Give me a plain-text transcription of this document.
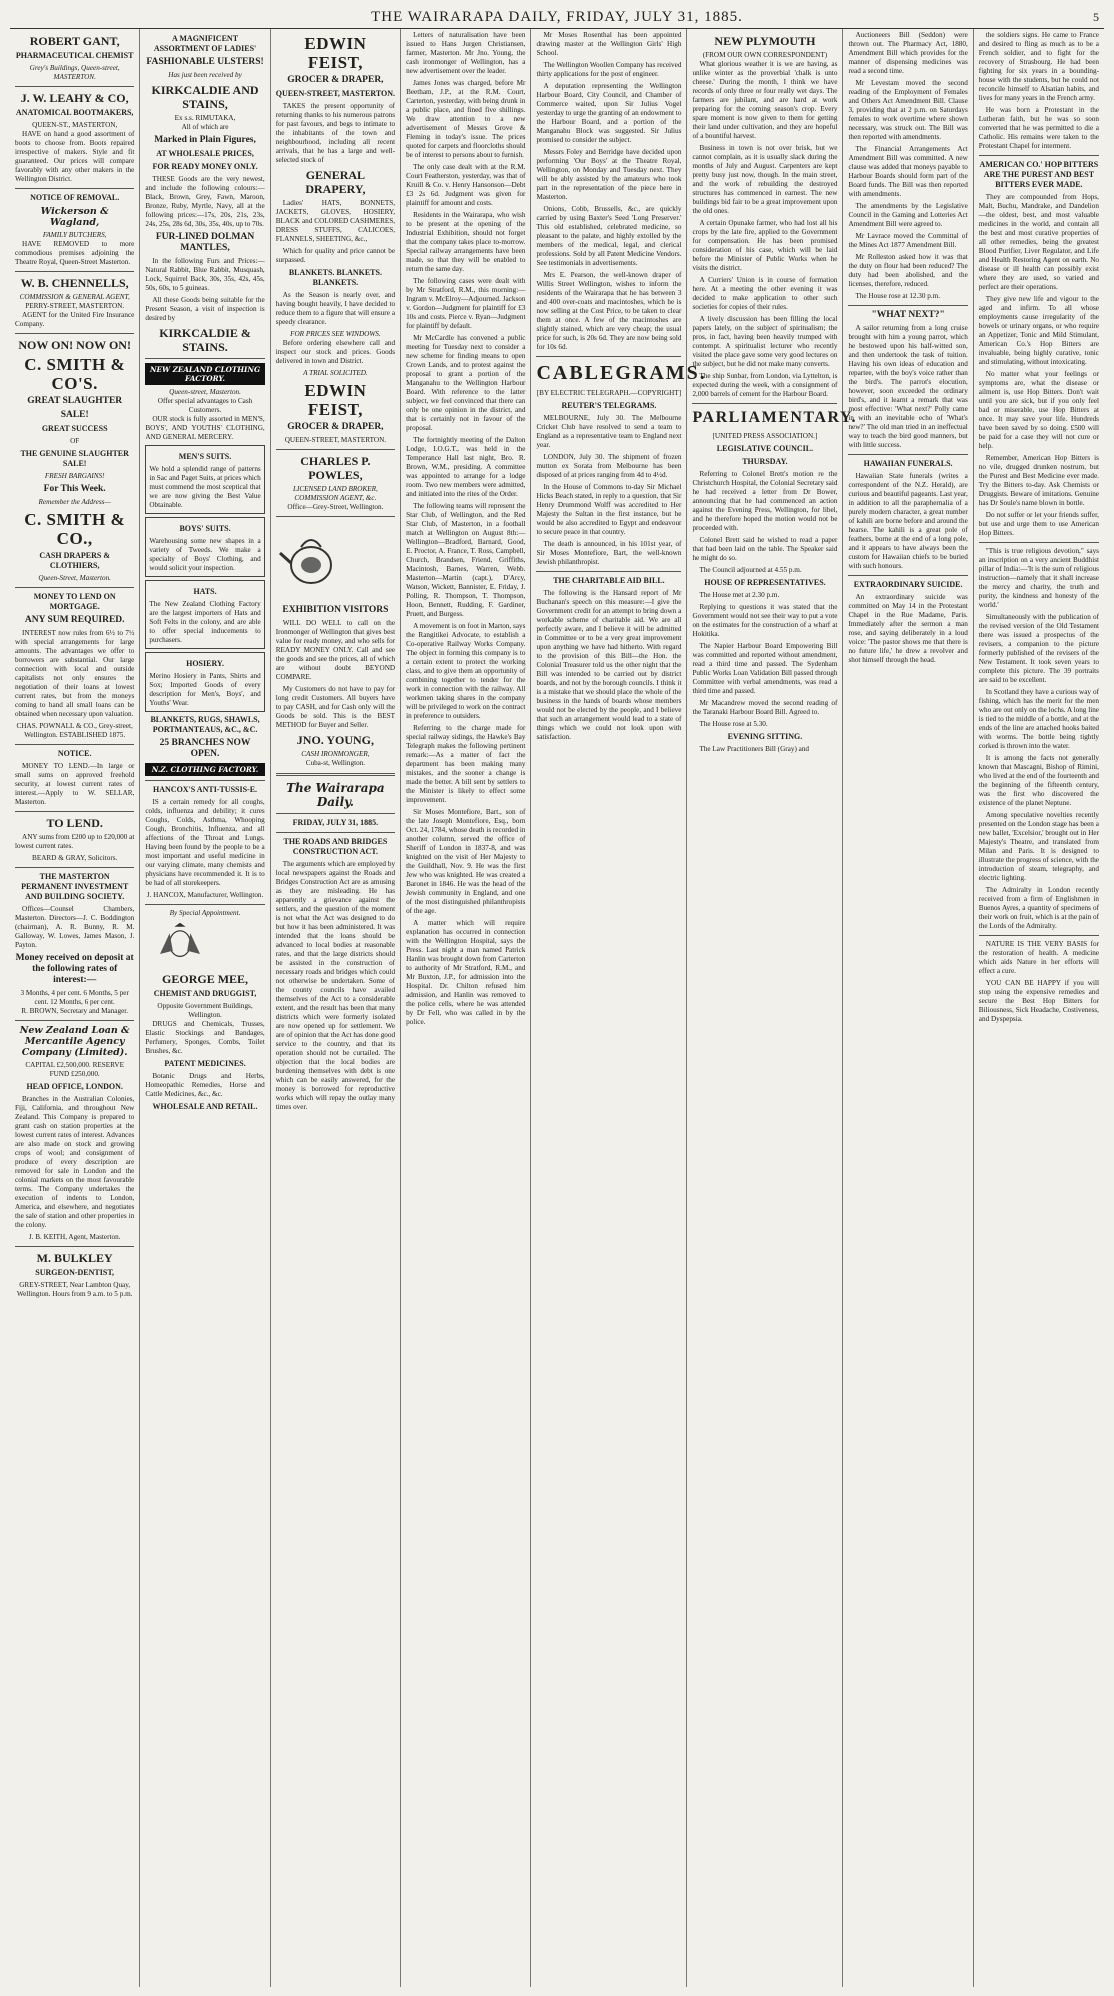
THE WAIRARAPA DAILY, FRIDAY, JULY 31, 1885.	5
ROBERT GANT,
PHARMACEUTICAL CHEMIST
Grey's Buildings, Queen-street, MASTERTON.
J. W. LEAHY & CO,
ANATOMICAL BOOTMAKERS,
QUEEN-ST., MASTERTON,

HAVE on hand a good assortment of boots to choose from. Boots repaired irrespective of makers. Style and fit guaranteed. Our prices will compare favorably with any other makers in the Wellington District.

NOTICE OF REMOVAL.
Wickerson & Wagland,
FAMILY BUTCHERS,

HAVE REMOVED to more commodious premises adjoining the Theatre Royal, Queen-Street Masterton.

W. B. CHENNELLS,
COMMISSION & GENERAL AGENT,
PERRY-STREET, MASTERTON.

AGENT for the United Fire Insurance Company.

NOW ON! NOW ON!
C. SMITH & CO'S.
GREAT SLAUGHTER
SALE!
GREAT SUCCESS
OF
THE GENUINE SLAUGHTER SALE!
FRESH BARGAINS!
For This Week.
Remember the Address—
C. SMITH & CO.,
CASH DRAPERS & CLOTHIERS,
Queen-Street, Masterton.
MONEY TO LEND ON MORTGAGE.
ANY SUM REQUIRED.

INTEREST now rules from 6½ to 7½ with special arrangements for large amounts. The advantages we offer to borrowers are substantial. Our large connection with local and outside capitalists not only ensures the negotiation of their loans at lowest current rates, but from the moneys coming to hand all small loans can be obtained when necessary upon valuation.

CHAS. POWNALL & CO., Grey-street, Wellington. ESTABLISHED 1875.
NOTICE.

MONEY TO LEND.—In large or small sums on approved freehold security, at lowest current rates of interest.—Apply to W. SELLAR, Masterton.

TO LEND.

ANY sums from £200 up to £20,000 at lowest current rates.

BEARD & GRAY, Solicitors.
THE MASTERTON PERMANENT INVESTMENT AND BUILDING SOCIETY.

Offices—Counsel Chambers, Masterton. Directors—J. C. Boddington (chairman), A. R. Bunny, R. M. Galloway, W. Lowes, James Mason, J. Payton.

Money received on deposit at the following rates of interest:—
3 Months, 4 per cent. 6 Months, 5 per cent. 12 Months, 6 per cent.
R. BROWN, Secretary and Manager.
New Zealand Loan & Mercantile Agency Company (Limited).
CAPITAL £2,500,000. RESERVE FUND £250,000.
HEAD OFFICE, LONDON.

Branches in the Australian Colonies, Fiji, California, and throughout New Zealand. This Company is prepared to grant cash on station properties at the lowest current rates of interest. Advances are also made on stock and growing crops of wool; and consignment of produce of every description are removed for sale in London and the colonial markets on the most favourable terms. The Company undertakes the execution of indents to London, America, and elsewhere, and negotiates the sale of station and other properties in the colony.

J. B. KEITH, Agent, Masterton.
M. BULKLEY
SURGEON-DENTIST,
GREY-STREET, Near Lambton Quay, Wellington. Hours from 9 a.m. to 5 p.m.
A MAGNIFICENT ASSORTMENT OF LADIES'
FASHIONABLE ULSTERS!
Has just been received by
KIRKCALDIE AND STAINS,
Ex s.s. RIMUTAKA,
All of which are
Marked in Plain Figures,
AT WHOLESALE PRICES,
FOR READY MONEY ONLY.

THESE Goods are the very newest, and include the following colours:— Black, Brown, Grey, Fawn, Maroon, Bronze, Ruby, Myrtle, Navy, all at the following prices:—17s, 20s, 21s, 23s, 24s, 25s, 28s 6d, 30s, 35s, 40s, up to 70s.

FUR-LINED DOLMAN MANTLES,

In the following Furs and Prices:— Natural Rabbit, Blue Rabbit, Musquash, Lock, Squirrel Back, 30s, 35s, 42s, 45s, 50s, 60s, to 5 guineas.

All these Goods being suitable for the Present Season, a visit of inspection is desired by

KIRKCALDIE & STAINS.
NEW ZEALAND CLOTHING
FACTORY.
Queen-street, Masterton.
Offer special advantages to Cash Customers.

OUR stock is fully assorted in MEN'S, BOYS', AND YOUTHS' CLOTHING, AND GENERAL MERCERY.

MEN'S SUITS.
We hold a splendid range of patterns in Sac and Paget Suits, at prices which must commend the most sceptical that we are now giving the Best Value Obtainable.
BOYS' SUITS.
Warehousing some new shapes in a variety of Tweeds. We make a specialty of Boys' Clothing, and would solicit your inspection.
HATS.
The New Zealand Clothing Factory are the largest importers of Hats and Soft Felts in the colony, and are able to offer special inducements to purchasers.
HOSIERY.
Merino Hosiery in Pants, Shirts and Sox; Imported Goods of every description for Men's, Boys', and Youths' Wear.
BLANKETS, RUGS, SHAWLS, PORTMANTEAUS, &C., &C.
25 BRANCHES NOW OPEN.
N.Z. CLOTHING FACTORY.
HANCOX'S ANTI-TUSSIS-E.

IS a certain remedy for all coughs, colds, influenza and debility; it cures Coughs, Colds, Asthma, Whooping Cough, Bronchitis, Influenza, and all affections of the Throat and Lungs. Having been found by the people to be a most important and useful medicine in our varying climate, many chemists and physicians have recommended it. It is to be had of all storekeepers.

J. HANCOX, Manufacturer, Wellington.
By Special Appointment.
GEORGE MEE,
CHEMIST AND DRUGGIST,
Opposite Government Buildings, Wellington.

DRUGS and Chemicals, Trusses, Elastic Stockings and Bandages, Perfumery, Sponges, Combs, Toilet Brushes, &c.

PATENT MEDICINES.

Botanic Drugs and Herbs, Homeopathic Remedies, Horse and Cattle Medicines, &c., &c.

WHOLESALE AND RETAIL.
EDWIN FEIST,
GROCER & DRAPER,
QUEEN-STREET, MASTERTON.

TAKES the present opportunity of returning thanks to his numerous patrons for past favours, and begs to intimate to the inhabitants of the town and neighbourhood, including all recent arrivals, that he has a large and well-selected stock of

GENERAL DRAPERY,

Ladies' HATS, BONNETS, JACKETS, GLOVES, HOSIERY, BLACK and COLORED CASHMERES, DRESS STUFFS, CALICOES, FLANNELS, SHEETING, &c.,

Which for quality and price cannot be surpassed.

BLANKETS. BLANKETS. BLANKETS.

As the Season is nearly over, and having bought heavily, I have decided to reduce them to a figure that will ensure a speedy clearance.

FOR PRICES SEE WINDOWS.

Before ordering elsewhere call and inspect our stock and prices. Goods delivered in town and District.

A TRIAL SOLICITED.
EDWIN FEIST,
GROCER & DRAPER,
QUEEN-STREET, MASTERTON.
CHARLES P. POWLES,
LICENSED LAND BROKER, COMMISSION AGENT, &c.
Office—Grey-Street, Wellington.
EXHIBITION VISITORS

WILL DO WELL to call on the Ironmonger of Wellington that gives best value for ready money, and who sells for READY MONEY ONLY. Call and see the goods and see the prices, all of which are without doubt BEYOND COMPARE.

My Customers do not have to pay for long credit Customers. All buyers have to pay CASH, and for Cash only will the Goods be sold. This is the BEST METHOD for Buyer and Seller.

JNO. YOUNG,
CASH IRONMONGER,
Cuba-st, Wellington.
The Wairarapa Daily.
FRIDAY, JULY 31, 1885.
THE ROADS AND BRIDGES CONSTRUCTION ACT.

The arguments which are employed by local newspapers against the Roads and Bridges Construction Act are as amusing as they are misleading. He has apparently a grievance against the settlers, and the question of the moment is not what the Act was designed to do but how it has been administered. It was intended that the loans should be advanced to local bodies at reasonable rates, and that the large districts should be assisted in the construction of necessary roads and bridges which could not otherwise be undertaken. Some of the county councils have availed themselves of the Act to a considerable extent, and the result has been that many districts which were formerly isolated are now opened up for settlement. We are of opinion that the Act has done good service to the country, and that its operation should not be curtailed. The objection that the local bodies are burdening themselves with debt is one which can be easily answered, for the money is borrowed for reproductive works which will repay the outlay many times over.

Letters of naturalisation have been issued to Hans Jurgen Christiansen, farmer, Masterton. Mr Jno. Young, the cash ironmonger of Wellington, has a new advertisement over the leader.

James Jones was charged, before Mr Beetham, J.P., at the R.M. Court, Carterton, yesterday, with being drunk in a public place, and fined five shillings. We draw attention to a new advertisement of Messrs Grove & Fleming in today's issue. The prices quoted for carpets and floorcloths should be of interest to persons about to furnish.

The only case dealt with at the R.M. Court Featherston, yesterday, was that of Kruill & Co. v. Henry Hansonson—Debt £3 2s 6d. Judgment was given for plaintiff for amount and costs.

Residents in the Wairarapa, who wish to be present at the opening of the Industrial Exhibition, should not forget that the company takes place to-morrow. Special railway arrangements have been made, so that they will be enabled to return the same day.

The following cases were dealt with by Mr Stratford, R.M., this morning:—Ingram v. McElroy—Adjourned. Jackson v. Gordon—Judgment for plaintiff for £3 10s and costs. Pierce v. Ryan—Judgment for plaintiff by default.

Mr McCardle has convened a public meeting for Tuesday next to consider a new scheme for finding means to open Crown Lands, and to protest against the proposal to grant a portion of the Manganahu to the Wellington Harbour Board. With reference to the latter subject, we feel convinced that there can only be one opinion in the district, and that is certainly not in favour of the proposal.

The fortnightly meeting of the Dalton Lodge, I.O.G.T., was held in the Temperance Hall last night, Bro. R. Brown, W.M., presiding. A committee was appointed to arrange for a lodge room. Two new members were admitted, and initiated into the rites of the Order.

The following teams will represent the Star Club, of Wellington, and the Red Star Club, of Masterton, in a football match at Wellington on August 8th:—Wellington—Bradford, Barnard, Good, E. Proctor, A. France, T. Ross, Campbell, Church, Brandsen, Friend, Griffiths, Macintosh, Barnes, Warren, Webb. Masterton—Martin (capt.), D'Arcy, Watson, Wickett, Bannister, E. Friday, J. Polling, R. Thompson, T. Thompson, Hoon, Bennett, Rudding, F. Gardiner, Pruett, and Burgess.

A movement is on foot in Marton, says the Rangitikei Advocate, to establish a Co-operative Railway Works Company. The object in forming this company is to a certain extent to protect the working class, and to give them an opportunity of combining together to tender for the work in connection with the railway. All workmen taking shares in the company will be privileged to work on the contract in preference to outsiders.

Referring to the charge made for special railway sidings, the Hawke's Bay Telegraph makes the following pertinent remark:—As a matter of fact the department has been making many mistakes, and the sooner a change is made the better. A bill sent by settlers to the Minister is likely to effect some improvement.

Sir Moses Montefiore, Bart., son of the late Joseph Montefiore, Esq., born Oct. 24, 1784, whose death is recorded in another column, served the office of Sheriff of London in 1837-8, and was knighted on the visit of Her Majesty to the Guildhall, Nov. 9. He was the first Jew who was knighted. He was created a Baronet in 1846. He was the head of the Jewish community in England, and one of the most distinguished philanthropists of the age.

A matter which will require explanation has occurred in connection with the Wellington Hospital, says the Press. Last night a man named Patrick Hanlin was brought down from Carterton to authority of Mr Stratford, R.M., and Mr Buxton, J.P., for admission into the Hospital. Dr. Chilton refused him admission, and Hanlin was removed to the police cells, where he was attended by Dr Fell, who was called in by the police.

Mr Moses Rosenthal has been appointed drawing master at the Wellington Girls' High School.

The Wellington Woollen Company has received thirty applications for the post of engineer.

A deputation representing the Wellington Harbour Board, City Council, and Chamber of Commerce waited, upon Sir Julius Vogel yesterday to urge the granting of an endowment to the Harbour Board, and a portion of the Manganahu Block was suggested. Sir Julius promised to consider the subject.

Messrs Foley and Berridge have decided upon performing 'Our Boys' at the Theatre Royal, Wellington, on Monday and Tuesday next. They will be ably assisted by the amateurs who took part in the representation of the piece here in Masterton.

Onions, Cobb, Brussells, &c., are quickly carried by using Baxter's Seed 'Long Preserver.' This old established, celebrated medicine, so pleasant to the palate, and highly extolled by the members of the medical, legal, and clerical professions. Sold by all Patent Medicine Vendors. See testimonials in advertisements.

Mrs E. Pearson, the well-known draper of Willis Street Wellington, wishes to inform the residents of the Wairarapa that he has between 3 and 400 over-coats and macintoshes, which he is now selling at the Cost Price, to be taken to clear them at once. A few of the macintoshes are slightly stained, which are very cheap; the usual price for such, is 20s 6d. They are now being sold for 10s 6d.

CABLEGRAMS.
[BY ELECTRIC TELEGRAPH.—COPYRIGHT]
REUTER'S TELEGRAMS.

MELBOURNE, July 30. The Melbourne Cricket Club have resolved to send a team to England as a representative team to England next year.

LONDON, July 30. The shipment of frozen mutton ex Sorata from Melbourne has been disposed of at prices ranging from 4d to 4½d.

In the House of Commons to-day Sir Michael Hicks Beach stated, in reply to a question, that Sir Henry Drummond Wolff was accredited to Her Majesty the Sultan in the first instance, but he would be also accredited to Egypt and endeavour to secure peace in that country.

The death is announced, in his 101st year, of Sir Moses Montefiore, Bart, the well-known Jewish philanthropist.

THE CHARITABLE AID BILL.

The following is the Hansard report of Mr Buchanan's speech on this measure:—I give the Government credit for an attempt to bring down a workable scheme of charitable aid. We are all perfectly aware, and I believe it will be admitted in Committee or to be a very great improvement upon anything we have had hitherto. With regard to the provision of this Bill—the Hon. the Colonial Treasurer told us the other night that the Bill was intended to be carried out by district boards, and not by the borough councils. I think it is a mistake that we should place the whole of the business in the hands of boards whose members would not be elected by the people, and I believe that such an arrangement would lead to a state of things which we could not look upon with satisfaction.

NEW PLYMOUTH
(FROM OUR OWN CORRESPONDENT)

What glorious weather it is we are having, as unlike winter as the proverbial 'chalk is unto cheese.' During the month, I think we have records of only three or four really wet days. The farmers are jubilant, and are hard at work preparing for the coming season's crop. Every spare moment is now given to them for getting their land under cultivation, and they are hopeful of a bountiful harvest.

Business in town is not over brisk, but we cannot complain, as it is usually slack during the months of July and August. Carpenters are kept pretty busy just now, though. In the main street, and the work of rebuilding the destroyed structures has commenced in earnest. The new buildings bid fair to be a great improvement upon the old ones.

A certain Opunake farmer, who had lost all his crops by the late fire, applied to the Government for compensation. He has been promised consideration of his case, which will be laid before the Minister of Public Works when he visits the district.

A Curriers' Union is in course of formation here. At a meeting the other evening it was decided to make application to other such societies for copies of their rules.

A lively discussion has been filling the local papers lately, on the subject of spiritualism; the pros, in fact, having been heavily trumped with contempt. A spiritualist lecturer who recently visited the place gave some very good lectures on the subject, but he did not make many converts.

The ship Sunbar, from London, via Lyttelton, is expected during the week, with a consignment of 2,000 barrels of cement for the Harbour Board.

PARLIAMENTARY.
[UNITED PRESS ASSOCIATION.]
LEGISLATIVE COUNCIL.
THURSDAY.

Referring to Colonel Brett's motion re the Christchurch Hospital, the Colonial Secretary said he had received a letter from Dr Bower, announcing that he had commenced an action against the Evening Press, Wellington, for libel, and he therefore hoped the motion would not be proceeded with.

Colonel Brett said he wished to read a paper that had been laid on the table. The Speaker said he might do so.

The Council adjourned at 4.55 p.m.

HOUSE OF REPRESENTATIVES.

The House met at 2.30 p.m.

Replying to questions it was stated that the Government would not see their way to put a vote on the estimates for the construction of a wharf at Hokitika.

The Napier Harbour Board Empowering Bill was committed and reported without amendment, read a third time and passed. The Sydenham Public Works Loan Validation Bill passed through Committee with verbal amendments, was read a third time and passed.

Mr Macandrew moved the second reading of the Taranaki Harbour Board Bill. Agreed to.

The House rose at 5.30.

EVENING SITTING.

The Law Practitioners Bill (Gray) and

Auctioneers Bill (Seddon) were thrown out. The Pharmacy Act, 1880, Amendment Bill which provides for the manner of dispensing medicines was read a second time.

Mr Levestam moved the second reading of the Employment of Females and Others Act Amendment Bill. Clause 3, providing that at 2 p.m. on Saturdays females to work overtime where shown necessary, was struck out. The Bill was then reported with amendments.

The Financial Arrangements Act Amendment Bill was committed. A new clause was added that moneys payable to Harbour Boards should form part of the Board funds. The Bill was then reported with amendments.

The amendments by the Legislative Council in the Gaming and Lotteries Act Amendment Bill were agreed to.

Mr Lavrace moved the Committal of the Mines Act 1877 Amendment Bill.

Mr Rolleston asked how it was that the duty on flour had been reduced? The duty had been abolished, and the licenses, therefore, reduced.

The House rose at 12.30 p.m.

"WHAT NEXT?"

A sailor returning from a long cruise brought with him a young parrot, which he bestowed upon his half-witted son, and then undertook the task of tuition. Having his own ideas of education and repartee, with the boy's voice rather than the bird's. The parrot's elocution, however, soon exceeded the ordinary bird's, and it learnt a remark that was most effective: 'What next?' Polly came in with an inevitable echo of 'What's new?' The old man tried in an ineffectual way to teach the bird good manners, but with little success.

HAWAIIAN FUNERALS.

Hawaiian State funerals (writes a correspondent of the N.Z. Herald), are curious and beautiful pageants. Last year, in addition to all the paraphernalia of a purely modern character, a great number of kahili are borne before and around the hearse. The kahili is a great pole of feathers, borne at the end of a long pole, and it appears to have always been the custom for Hawaiian chiefs to be buried with such honours.

EXTRAORDINARY SUICIDE.

An extraordinary suicide was committed on May 14 in the Protestant Chapel in the Rue Madame, Paris. Immediately after the sermon a man rose, and saying deliberately in a loud voice: 'The pastor shows me that there is no future life,' he drew a revolver and shot himself through the head.

the soldiers signs. He came to France and desired to fling as much as to be a French soldier, and to fight for the recovery of Strasbourg. He had been fighting for six years in a bounding-house with the students, but he could not reconcile himself to Alsatian habits, and lives for many years in the French army.

He was born a Protestant in the Lutheran faith, but he was so soon converted that he was permitted to die a Catholic. His remains were taken to the Protestant Chapel for interment.

AMERICAN CO.' HOP BITTERS ARE THE PUREST AND BEST BITTERS EVER MADE.

They are compounded from Hops, Malt, Buchu, Mandrake, and Dandelion—the oldest, best, and most valuable medicines in the world, and contain all the best and most curative properties of all other remedies, being the greatest Blood Purifier, Liver Regulator, and Life and Health Restoring Agent on earth. No disease or ill health can possibly exist where they are used, so varied and perfect are their operations.

They give new life and vigour to the aged and infirm. To all whose employments cause irregularity of the bowels or urinary organs, or who require an Appetizer, Tonic and Mild Stimulant, American Co.'s Hop Bitters are invaluable, being highly curative, tonic and stimulating, without intoxicating.

No matter what your feelings or symptoms are, what the disease or ailment is, use Hop Bitters. Don't wait until you are sick, but if you only feel bad or miserable, use Hop Bitters at once. It may save your life. Hundreds have been saved by so doing. £500 will be paid for a case they will not cure or help.

Remember, American Hop Bitters is no vile, drugged drunken nostrum, but the Purest and Best Medicine ever made. Try the Bitters to-day. Ask Chemists or Druggists. Beware of imitations. Genuine has Dr Soule's name blown in bottle.

Do not suffer or let your friends suffer, but use and urge them to use American Hop Bitters.

"This is true religious devotion," says an inscription on a very ancient Buddhist pillar of India:—'It is the sum of religious instruction—namely that it shall increase the mercy and charity, the truth and purity, the kindness and honesty of the world.'

Simultaneously with the publication of the revised version of the Old Testament there was issued a prospectus of the revisers, a companion to the picture formerly published of the revisers of the New Testament. It took seven years to complete this picture. The 39 portraits are said to be excellent.

In Scotland they have a curious way of fishing, which has the merit for the men who are out only on the lochs. A long line is tied to the middle of a bottle, and at the ends of the line are attached hooks baited with worms. The bottle being tightly corked is thrown into the water.

It is among the facts not generally known that Mascagni, Bishop of Rimini, who lived at the end of the fourteenth and the beginning of the fifteenth century, was the first who discovered the existence of the planet Neptune.

Among speculative novelties recently presented on the London stage has been a new ballet, 'Excelsior,' brought out in Her Majesty's Theatre, and translated from Milan and Paris. It is designed to illustrate the progress of science, with the introduction of steam, telegraphy, and electric lighting.

The Admiralty in London recently received from a firm of Englishmen in Buenos Ayres, a quantity of specimens of their work on fruit, which is at the pain of the Lords of the Admiralty.

NATURE IS THE VERY BASIS for the restoration of health. A medicine which aids Nature in her efforts will effect a cure.

YOU CAN BE HAPPY if you will stop using the expensive remedies and secure the Best Hop Bitters for Biliousness, Sick Headache, Costiveness, and Dyspepsia.
